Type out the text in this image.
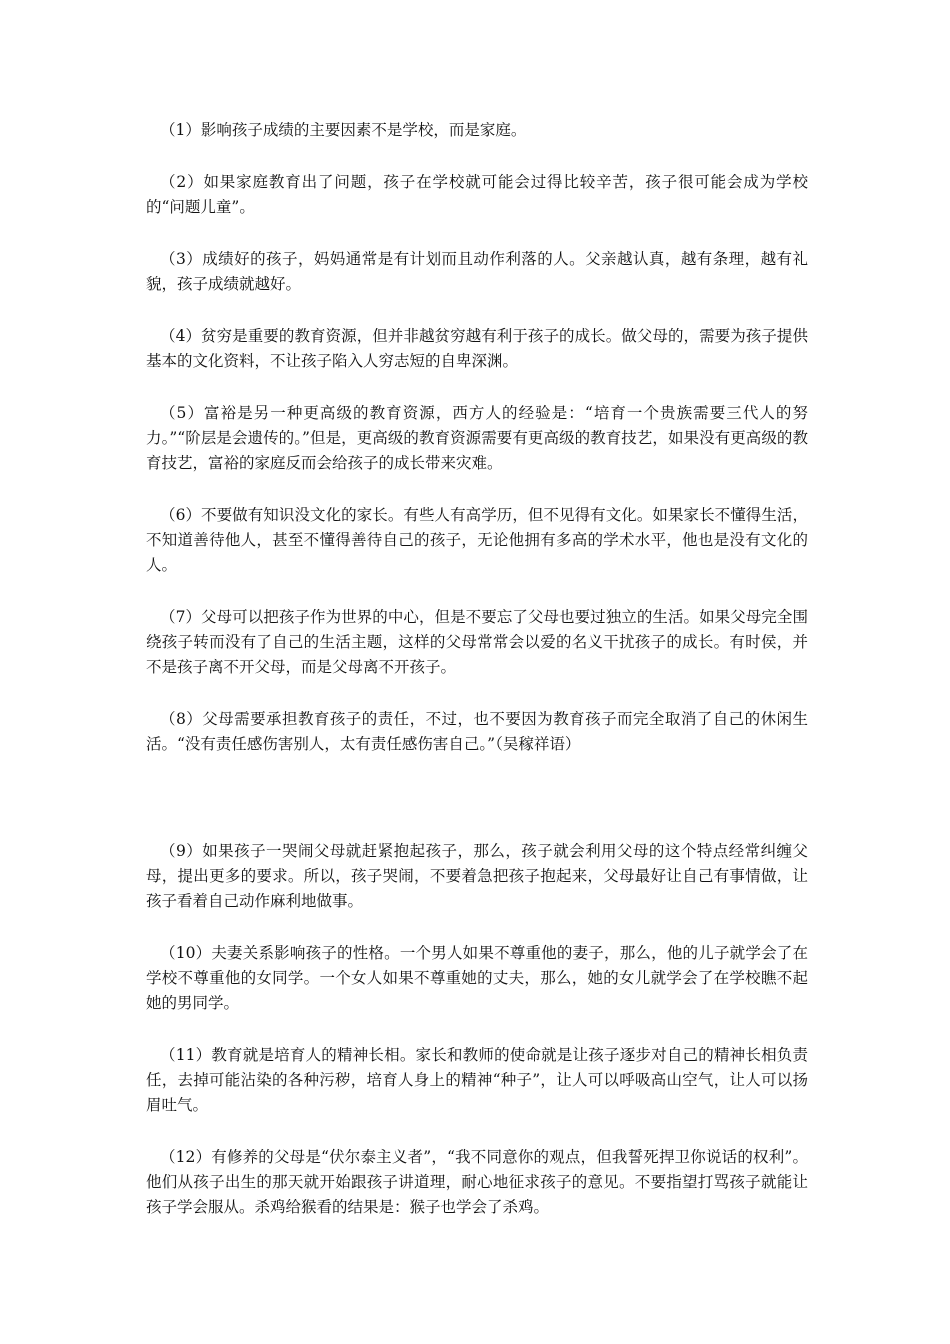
（1）影响孩子成绩的主要因素不是学校，而是家庭。

（2）如果家庭教育出了问题，孩子在学校就可能会过得比较辛苦，孩子很可能会成为学校的“问题儿童”。

（3）成绩好的孩子，妈妈通常是有计划而且动作利落的人。父亲越认真，越有条理，越有礼貌，孩子成绩就越好。

（4）贫穷是重要的教育资源，但并非越贫穷越有利于孩子的成长。做父母的，需要为孩子提供基本的文化资料，不让孩子陷入人穷志短的自卑深渊。

（5）富裕是另一种更高级的教育资源，西方人的经验是：“培育一个贵族需要三代人的努力。”“阶层是会遗传的。”但是，更高级的教育资源需要有更高级的教育技艺，如果没有更高级的教育技艺，富裕的家庭反而会给孩子的成长带来灾难。

（6）不要做有知识没文化的家长。有些人有高学历，但不见得有文化。如果家长不懂得生活，不知道善待他人，甚至不懂得善待自己的孩子，无论他拥有多高的学术水平，他也是没有文化的人。

（7）父母可以把孩子作为世界的中心，但是不要忘了父母也要过独立的生活。如果父母完全围绕孩子转而没有了自己的生活主题，这样的父母常常会以爱的名义干扰孩子的成长。有时侯，并不是孩子离不开父母，而是父母离不开孩子。

（8）父母需要承担教育孩子的责任，不过，也不要因为教育孩子而完全取消了自己的休闲生活。“没有责任感伤害别人，太有责任感伤害自己。”（吴稼祥语）

（9）如果孩子一哭闹父母就赶紧抱起孩子，那么，孩子就会利用父母的这个特点经常纠缠父母，提出更多的要求。所以，孩子哭闹，不要着急把孩子抱起来，父母最好让自己有事情做，让孩子看着自己动作麻利地做事。

（10）夫妻关系影响孩子的性格。一个男人如果不尊重他的妻子，那么，他的儿子就学会了在学校不尊重他的女同学。一个女人如果不尊重她的丈夫，那么，她的女儿就学会了在学校瞧不起她的男同学。

（11）教育就是培育人的精神长相。家长和教师的使命就是让孩子逐步对自己的精神长相负责任，去掉可能沾染的各种污秽，培育人身上的精神“种子”，让人可以呼吸高山空气，让人可以扬眉吐气。

（12）有修养的父母是“伏尔泰主义者”，“我不同意你的观点，但我誓死捍卫你说话的权利”。他们从孩子出生的那天就开始跟孩子讲道理，耐心地征求孩子的意见。不要指望打骂孩子就能让孩子学会服从。杀鸡给猴看的结果是：猴子也学会了杀鸡。
